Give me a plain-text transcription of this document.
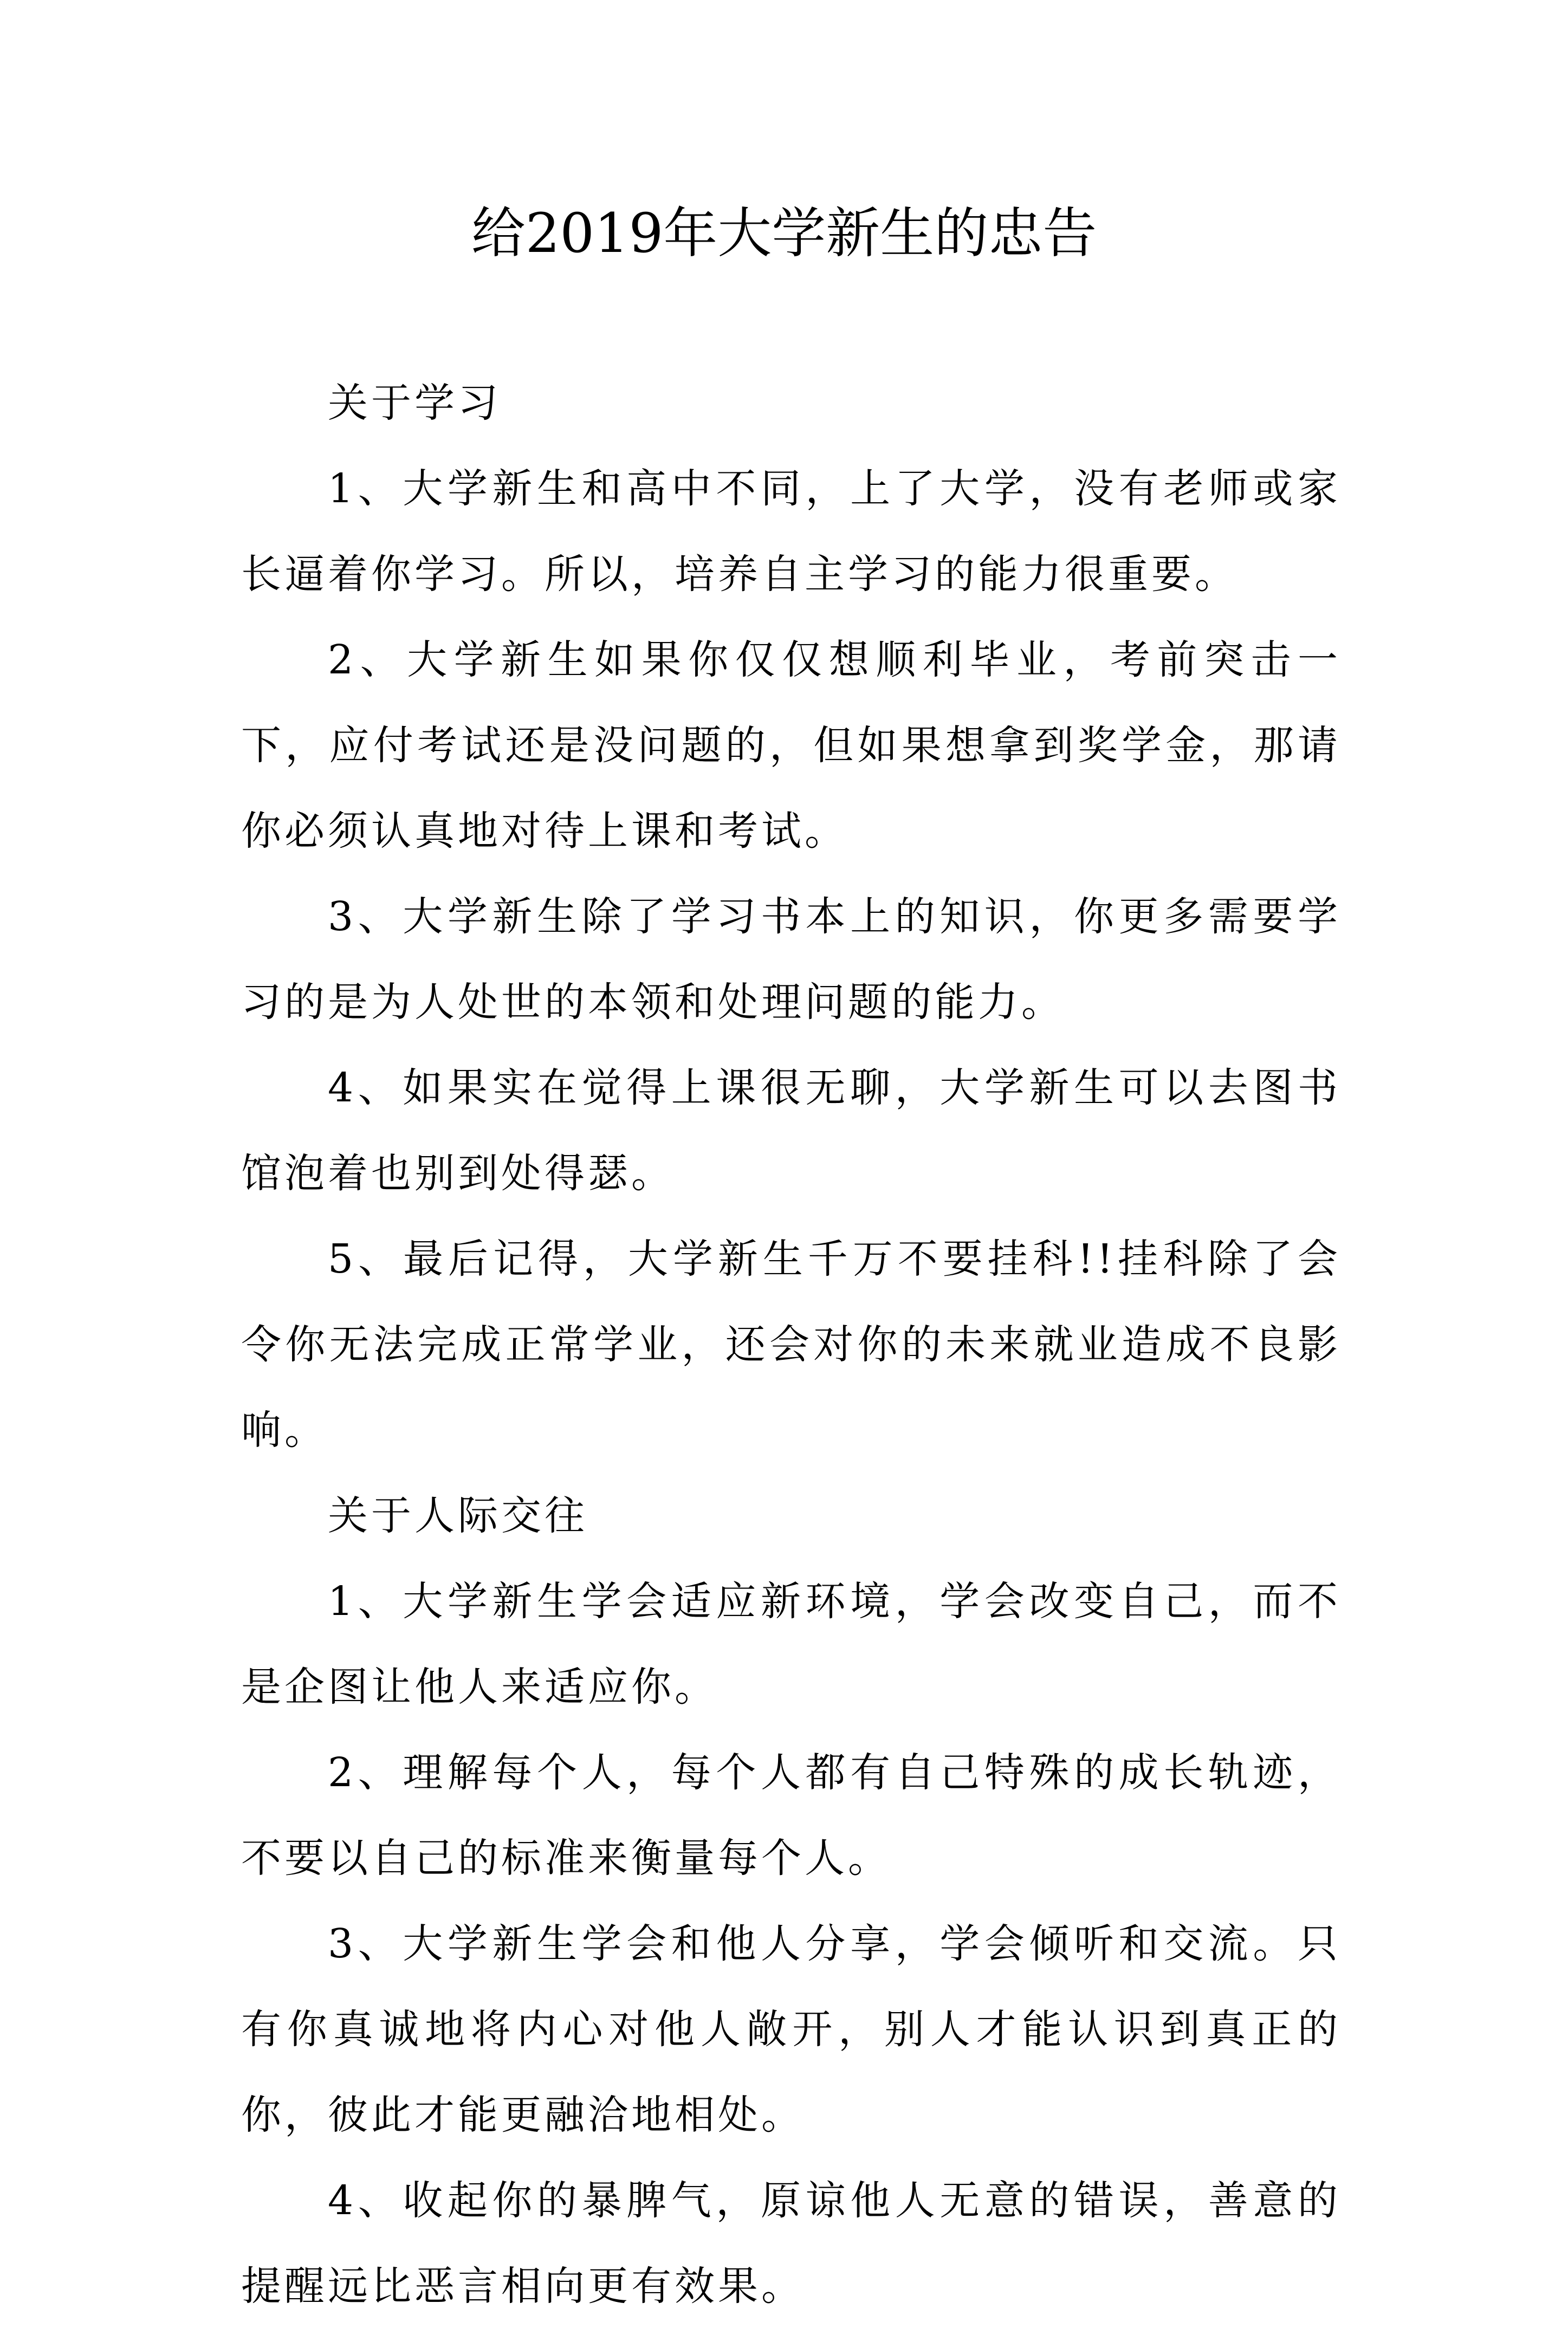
给2019年大学新生的忠告

关于学习

1、大学新生和高中不同，上了大学，没有老师或家长逼着你学习。所以，培养自主学习的能力很重要。

2、大学新生如果你仅仅想顺利毕业，考前突击一下，应付考试还是没问题的，但如果想拿到奖学金，那请你必须认真地对待上课和考试。

3、大学新生除了学习书本上的知识，你更多需要学习的是为人处世的本领和处理问题的能力。

4、如果实在觉得上课很无聊，大学新生可以去图书馆泡着也别到处得瑟。

5、最后记得，大学新生千万不要挂科!!挂科除了会令你无法完成正常学业，还会对你的未来就业造成不良影响。

关于人际交往

1、大学新生学会适应新环境，学会改变自己，而不是企图让他人来适应你。

2、理解每个人，每个人都有自己特殊的成长轨迹，不要以自己的标准来衡量每个人。

3、大学新生学会和他人分享，学会倾听和交流。只有你真诚地将内心对他人敞开，别人才能认识到真正的你，彼此才能更融洽地相处。

4、收起你的暴脾气，原谅他人无意的错误，善意的提醒远比恶言相向更有效果。
